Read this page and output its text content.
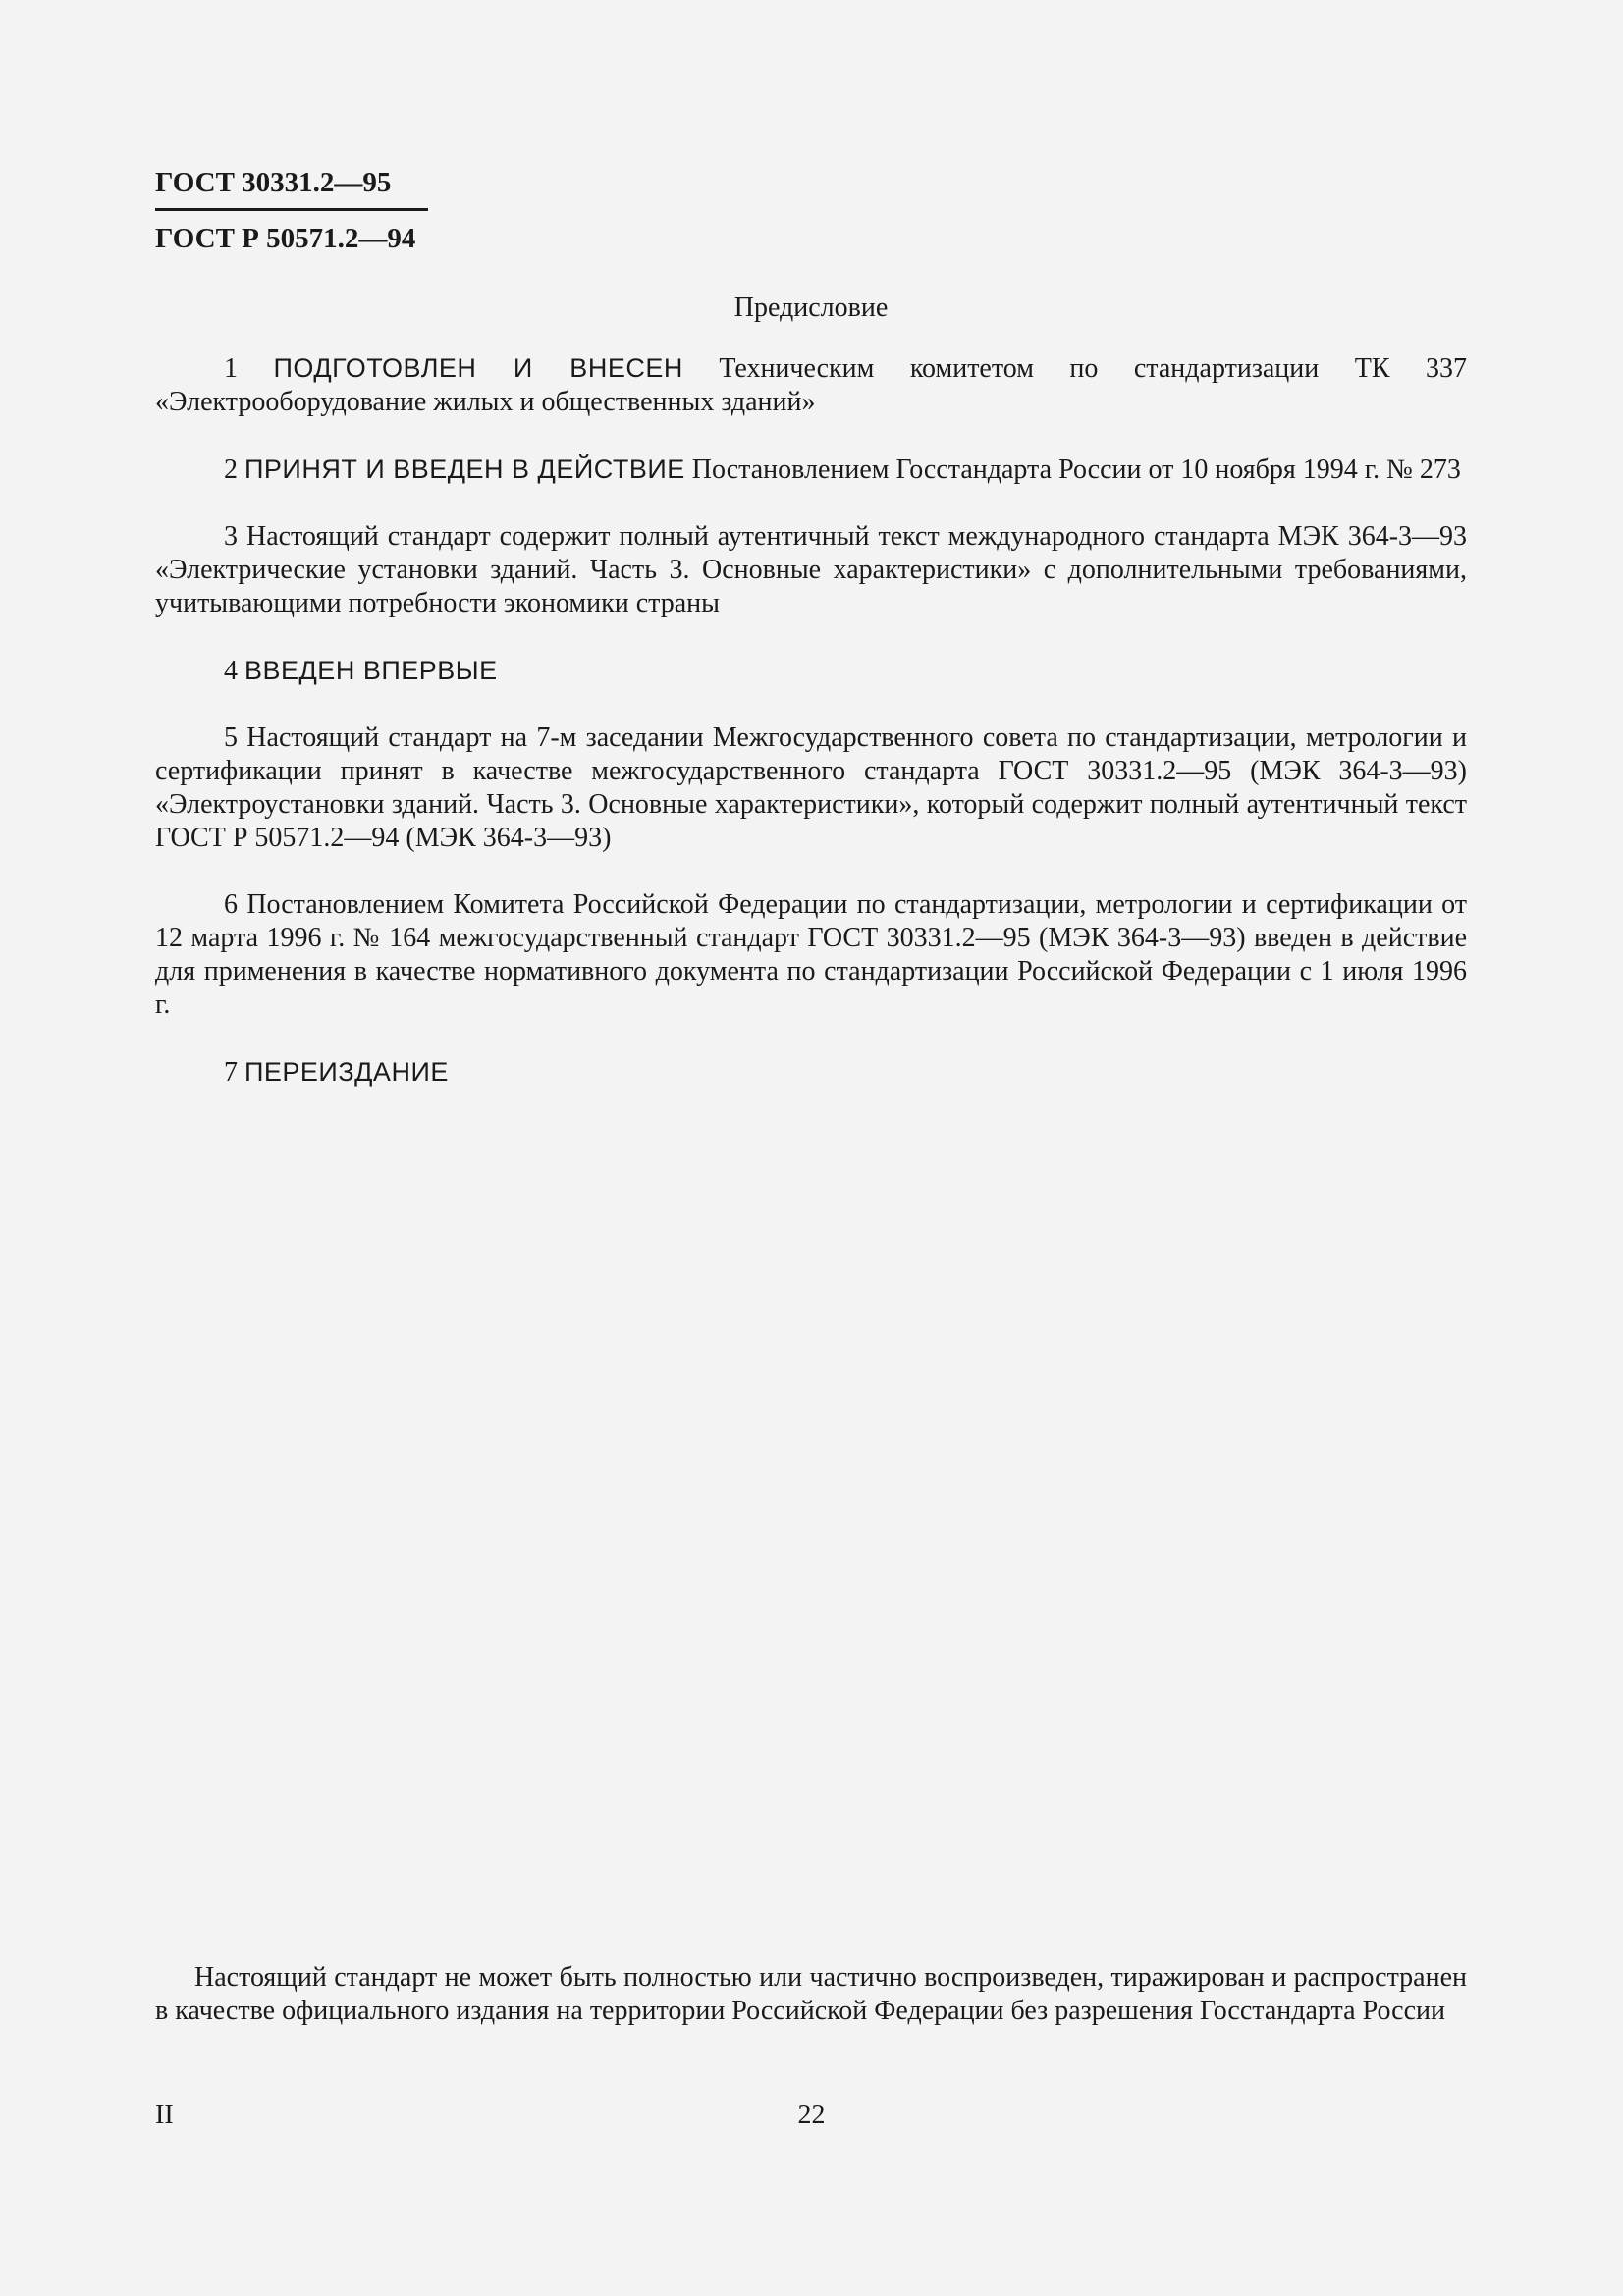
ГОСТ 30331.2—95
ГОСТ Р 50571.2—94
Предисловие

1 ПОДГОТОВЛЕН И ВНЕСЕН Техническим комитетом по стандартизации ТК 337 «Электрооборудование жилых и общественных зданий»

2 ПРИНЯТ И ВВЕДЕН В ДЕЙСТВИЕ Постановлением Госстандарта России от 10 ноября 1994 г. № 273

3 Настоящий стандарт содержит полный аутентичный текст международного стандарта МЭК 364-3—93 «Электрические установки зданий. Часть 3. Основные характеристики» с дополнительными требованиями, учитывающими потребности экономики страны

4 ВВЕДЕН ВПЕРВЫЕ

5 Настоящий стандарт на 7-м заседании Межгосударственного совета по стандартизации, метрологии и сертификации принят в качестве межгосударственного стандарта ГОСТ 30331.2—95 (МЭК 364-3—93) «Электроустановки зданий. Часть 3. Основные характеристики», который содержит полный аутентичный текст ГОСТ Р 50571.2—94 (МЭК 364-3—93)

6 Постановлением Комитета Российской Федерации по стандартизации, метрологии и сертификации от 12 марта 1996 г. № 164 межгосударственный стандарт ГОСТ 30331.2—95 (МЭК 364-3—93) введен в действие для применения в качестве нормативного документа по стандартизации Российской Федерации с 1 июля 1996 г.

7 ПЕРЕИЗДАНИЕ

Настоящий стандарт не может быть полностью или частично воспроизведен, тиражирован и распространен в качестве официального издания на территории Российской Федерации без разрешения Госстандарта России
II	22
